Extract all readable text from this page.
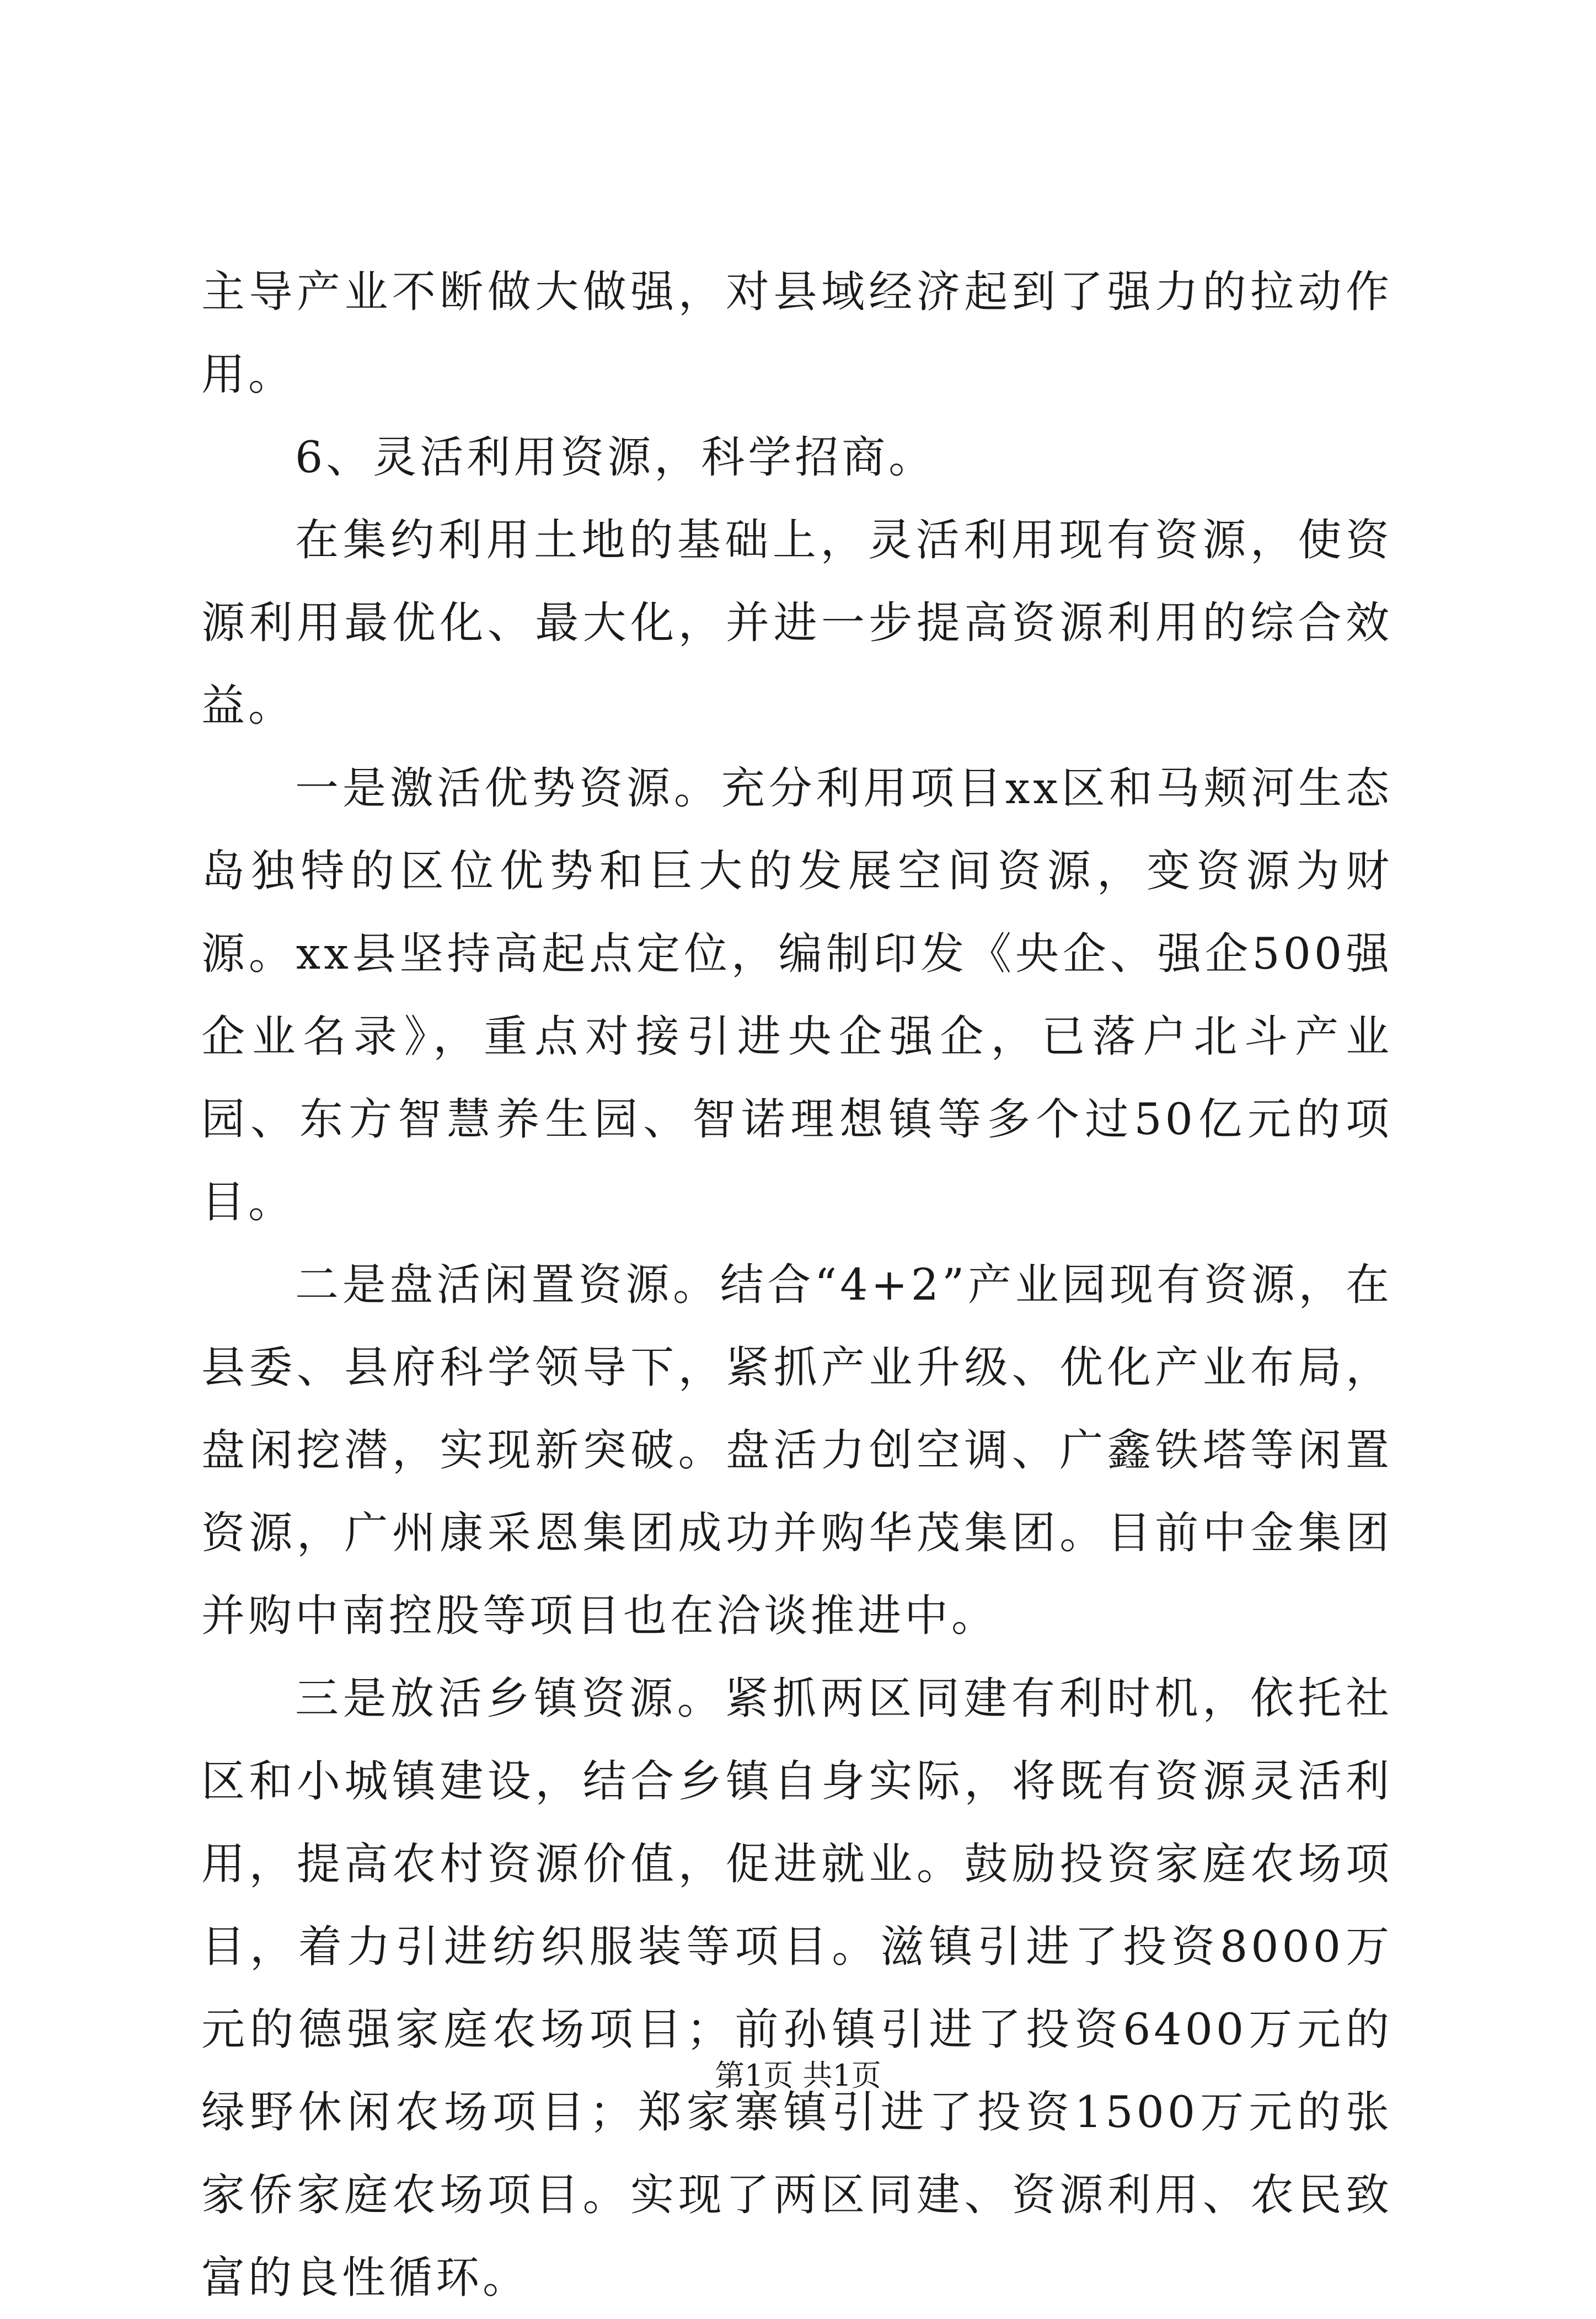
主导产业不断做大做强，对县域经济起到了强力的拉动作用。

6、灵活利用资源，科学招商。

在集约利用土地的基础上，灵活利用现有资源，使资源利用最优化、最大化，并进一步提高资源利用的综合效益。

一是激活优势资源。充分利用项目xx区和马颊河生态岛独特的区位优势和巨大的发展空间资源，变资源为财源。xx县坚持高起点定位，编制印发《央企、强企500强企业名录》，重点对接引进央企强企，已落户北斗产业园、东方智慧养生园、智诺理想镇等多个过50亿元的项目。

二是盘活闲置资源。结合“4+2”产业园现有资源，在县委、县府科学领导下，紧抓产业升级、优化产业布局，盘闲挖潜，实现新突破。盘活力创空调、广鑫铁塔等闲置资源，广州康采恩集团成功并购华茂集团。目前中金集团并购中南控股等项目也在洽谈推进中。

三是放活乡镇资源。紧抓两区同建有利时机，依托社区和小城镇建设，结合乡镇自身实际，将既有资源灵活利用，提高农村资源价值，促进就业。鼓励投资家庭农场项目，着力引进纺织服装等项目。滋镇引进了投资8000万元的德强家庭农场项目；前孙镇引进了投资6400万元的绿野休闲农场项目；郑家寨镇引进了投资1500万元的张家侨家庭农场项目。实现了两区同建、资源利用、农民致富的良性循环。

第1页 共1页
